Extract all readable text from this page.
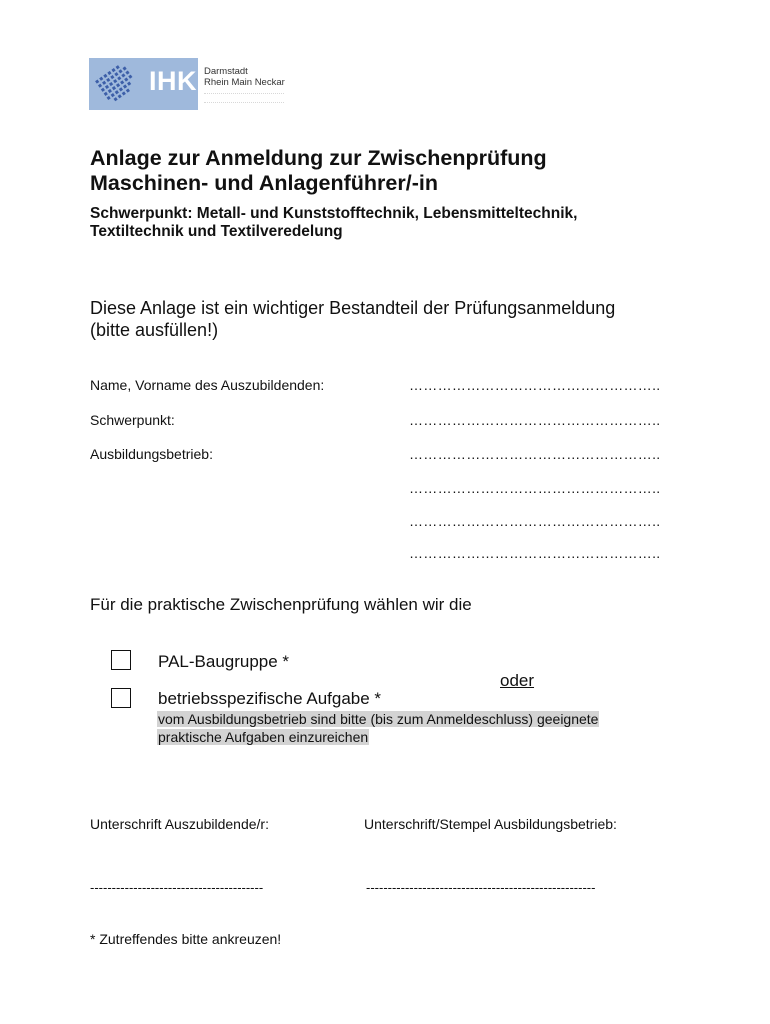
IHK Darmstadt
Rhein Main Neckar
Anlage zur Anmeldung zur Zwischenprüfung
Maschinen- und Anlagenführer/-in
Schwerpunkt: Metall- und Kunststofftechnik, Lebensmitteltechnik,
Textiltechnik und Textilveredelung
Diese Anlage ist ein wichtiger Bestandteil der Prüfungsanmeldung
(bitte ausfüllen!)
Name, Vorname des Auszubildenden:	……………………………………………..
Schwerpunkt:	……………………………………………..
Ausbildungsbetrieb:	……………………………………………..
……………………………………………..
……………………………………………..
……………………………………………..
Für die praktische Zwischenprüfung wählen wir die
PAL-Baugruppe *
oder
betriebsspezifische Aufgabe *
vom Ausbildungsbetrieb sind bitte (bis zum Anmeldeschluss) geeignete
praktische Aufgaben einzureichen
Unterschrift Auszubildende/r:	Unterschrift/Stempel Ausbildungsbetrieb:
----------------------------------------	-----------------------------------------------------
* Zutreffendes bitte ankreuzen!
